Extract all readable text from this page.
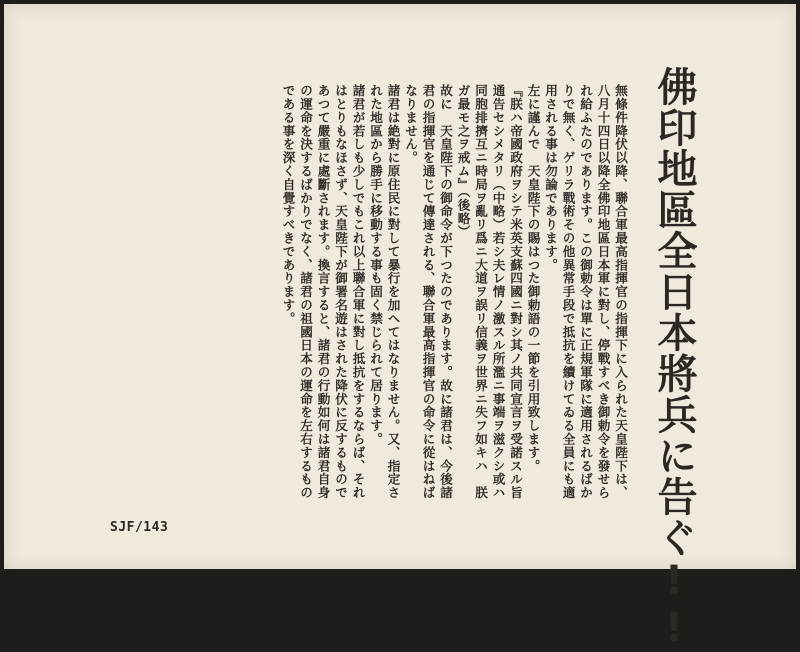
佛印地區全日本將兵に告ぐ!!

無條件降伏以降、聯合軍最高指揮官の指揮下に入られた天皇陛下は、八月十四日以降全佛印地區日本軍に對し、停戰すべき御勅令を發せられ給ふたのであります。この御勅令は單に正規軍隊に適用されるばかりで無く、ゲリラ戰術その他異常手段で抵抗を續けてゐる全員にも適用される事は勿論であります。

左に謹んで　天皇陛下の賜はつた御勅語の一節を引用致します。

『朕ハ帝國政府ヲシテ米英支蘇四國ニ對シ其ノ共同宣言ヲ受諾スル旨通告セシメタリ（中略）若シ夫レ情ノ激スル所濫ニ事端ヲ滋クシ或ハ同胞排擠互ニ時局ヲ亂リ爲ニ大道ヲ誤リ信義ヲ世界ニ失フ如キハ　朕ガ最モ之ヲ戒ム』（後略）

故に　天皇陛下の御命令が下つたのであります。故に諸君は、今後諸君の指揮官を通じて傳達される、聯合軍最高指揮官の命令に從はねばなりません。

諸君は絶對に原住民に對して暴行を加へてはなりません。又、指定された地區から勝手に移動する事も固く禁じられて居ります。

諸君が若しも少しでもこれ以上聯合軍に對し抵抗をするならば、それはとりもなほさず、天皇陛下が御署名遊はされた降伏に反するものであつて嚴重に處斷されます。換言すると、諸君の行動如何は諸君自身の運命を決するばかりでなく、諸君の祖國日本の運命を左右するものである事を深く自覺すべきであります。

SJF/143
